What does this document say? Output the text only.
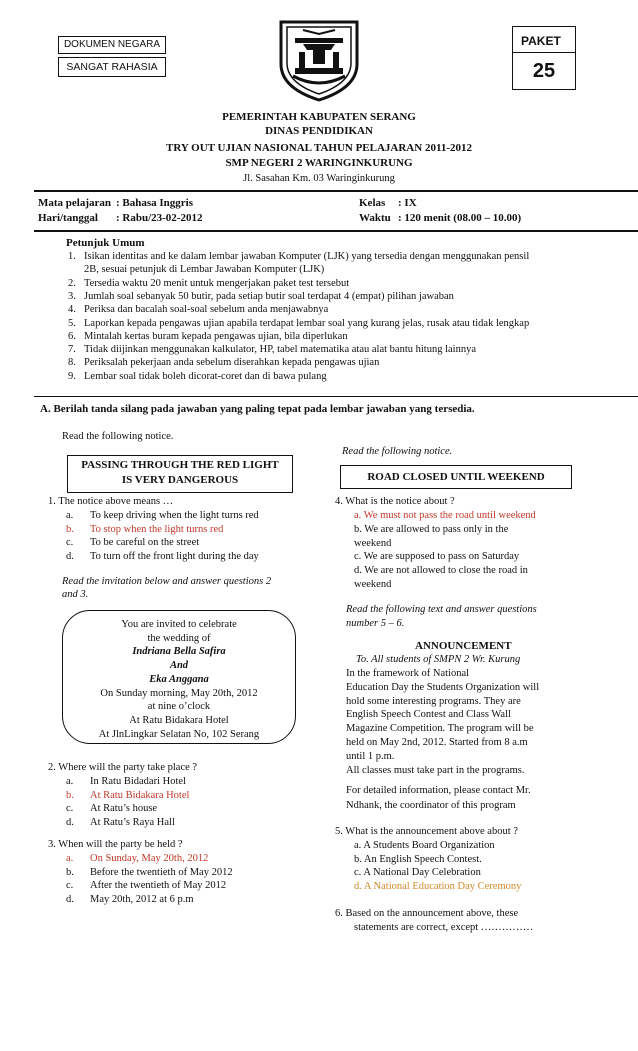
DOKUMEN NEGARA
SANGAT RAHASIA
PAKET
25
PEMERINTAH KABUPATEN SERANG
DINAS PENDIDIKAN
TRY OUT UJIAN NASIONAL TAHUN PELAJARAN 2011-2012
SMP NEGERI 2 WARINGINKURUNG
Jl. Sasahan Km. 03 Waringinkurung
Mata pelajaran : Bahasa Inggris
Hari/tanggal : Rabu/23-02-2012
Kelas : IX
Waktu : 120 menit (08.00 – 10.00)
Petunjuk Umum
1. Isikan identitas and ke dalam lembar jawaban Komputer (LJK) yang tersedia dengan menggunakan pensil
2B, sesuai petunjuk di Lembar Jawaban Komputer (LJK)
2. Tersedia waktu 20 menit untuk mengerjakan paket test tersebut
3. Jumlah soal sebanyak 50 butir, pada setiap butir soal terdapat 4 (empat) pilihan jawaban
4. Periksa dan bacalah soal-soal sebelum anda menjawabnya
5. Laporkan kepada pengawas ujian apabila terdapat lembar soal yang kurang jelas, rusak atau tidak lengkap
6. Mintalah kertas buram kepada pengawas ujian, bila diperlukan
7. Tidak diijinkan menggunakan kalkulator, HP, tabel matematika atau alat bantu hitung lainnya
8. Periksalah pekerjaan anda sebelum diserahkan kepada pengawas ujian
9. Lembar soal tidak boleh dicorat-coret dan di bawa pulang
A. Berilah tanda silang pada jawaban yang paling tepat pada lembar jawaban yang tersedia.
Read the following notice.
PASSING THROUGH THE RED LIGHT
IS VERY DANGEROUS
1. The notice above means …
a. To keep driving when the light turns red
b. To stop when the light turns red
c. To be careful on the street
d. To turn off the front light during the day
Read the invitation below and answer questions 2
and 3.
You are invited to celebrate
the wedding of
Indriana Bella Safira
And
Eka Anggana
On Sunday morning, May 20th, 2012
at nine o’clock
At Ratu Bidakara Hotel
At JlnLingkar Selatan No, 102 Serang
2. Where will the party take place ?
a. In Ratu Bidadari Hotel
b. At Ratu Bidakara Hotel
c. At Ratu’s house
d. At Ratu’s Raya Hall
3. When will the party be held ?
a. On Sunday, May 20th, 2012
b. Before the twentieth of May 2012
c. After the twentieth of May 2012
d. May 20th, 2012 at 6 p.m
Read the following notice.
ROAD CLOSED UNTIL WEEKEND
4. What is the notice about ?
a. We must not pass the road until weekend
b. We are allowed to pass only in the
weekend
c. We are supposed to pass on Saturday
d. We are not allowed to close the road in
weekend
Read the following text and answer questions
number 5 – 6.
ANNOUNCEMENT
To. All students of SMPN 2 Wr. Kurung
In the framework of National
Education Day the Students Organization will
hold some interesting programs. They are
English Speech Contest and Class Wall
Magazine Competition. The program will be
held on May 2nd, 2012. Started from 8 a.m
until 1 p.m.
All classes must take part in the programs.
For detailed information, please contact Mr.
Ndhank, the coordinator of this program
5. What is the announcement above about ?
a. A Students Board Organization
b. An English Speech Contest.
c. A National Day Celebration
d. A National Education Day Ceremony
6. Based on the announcement above, these
statements are correct, except ……………
